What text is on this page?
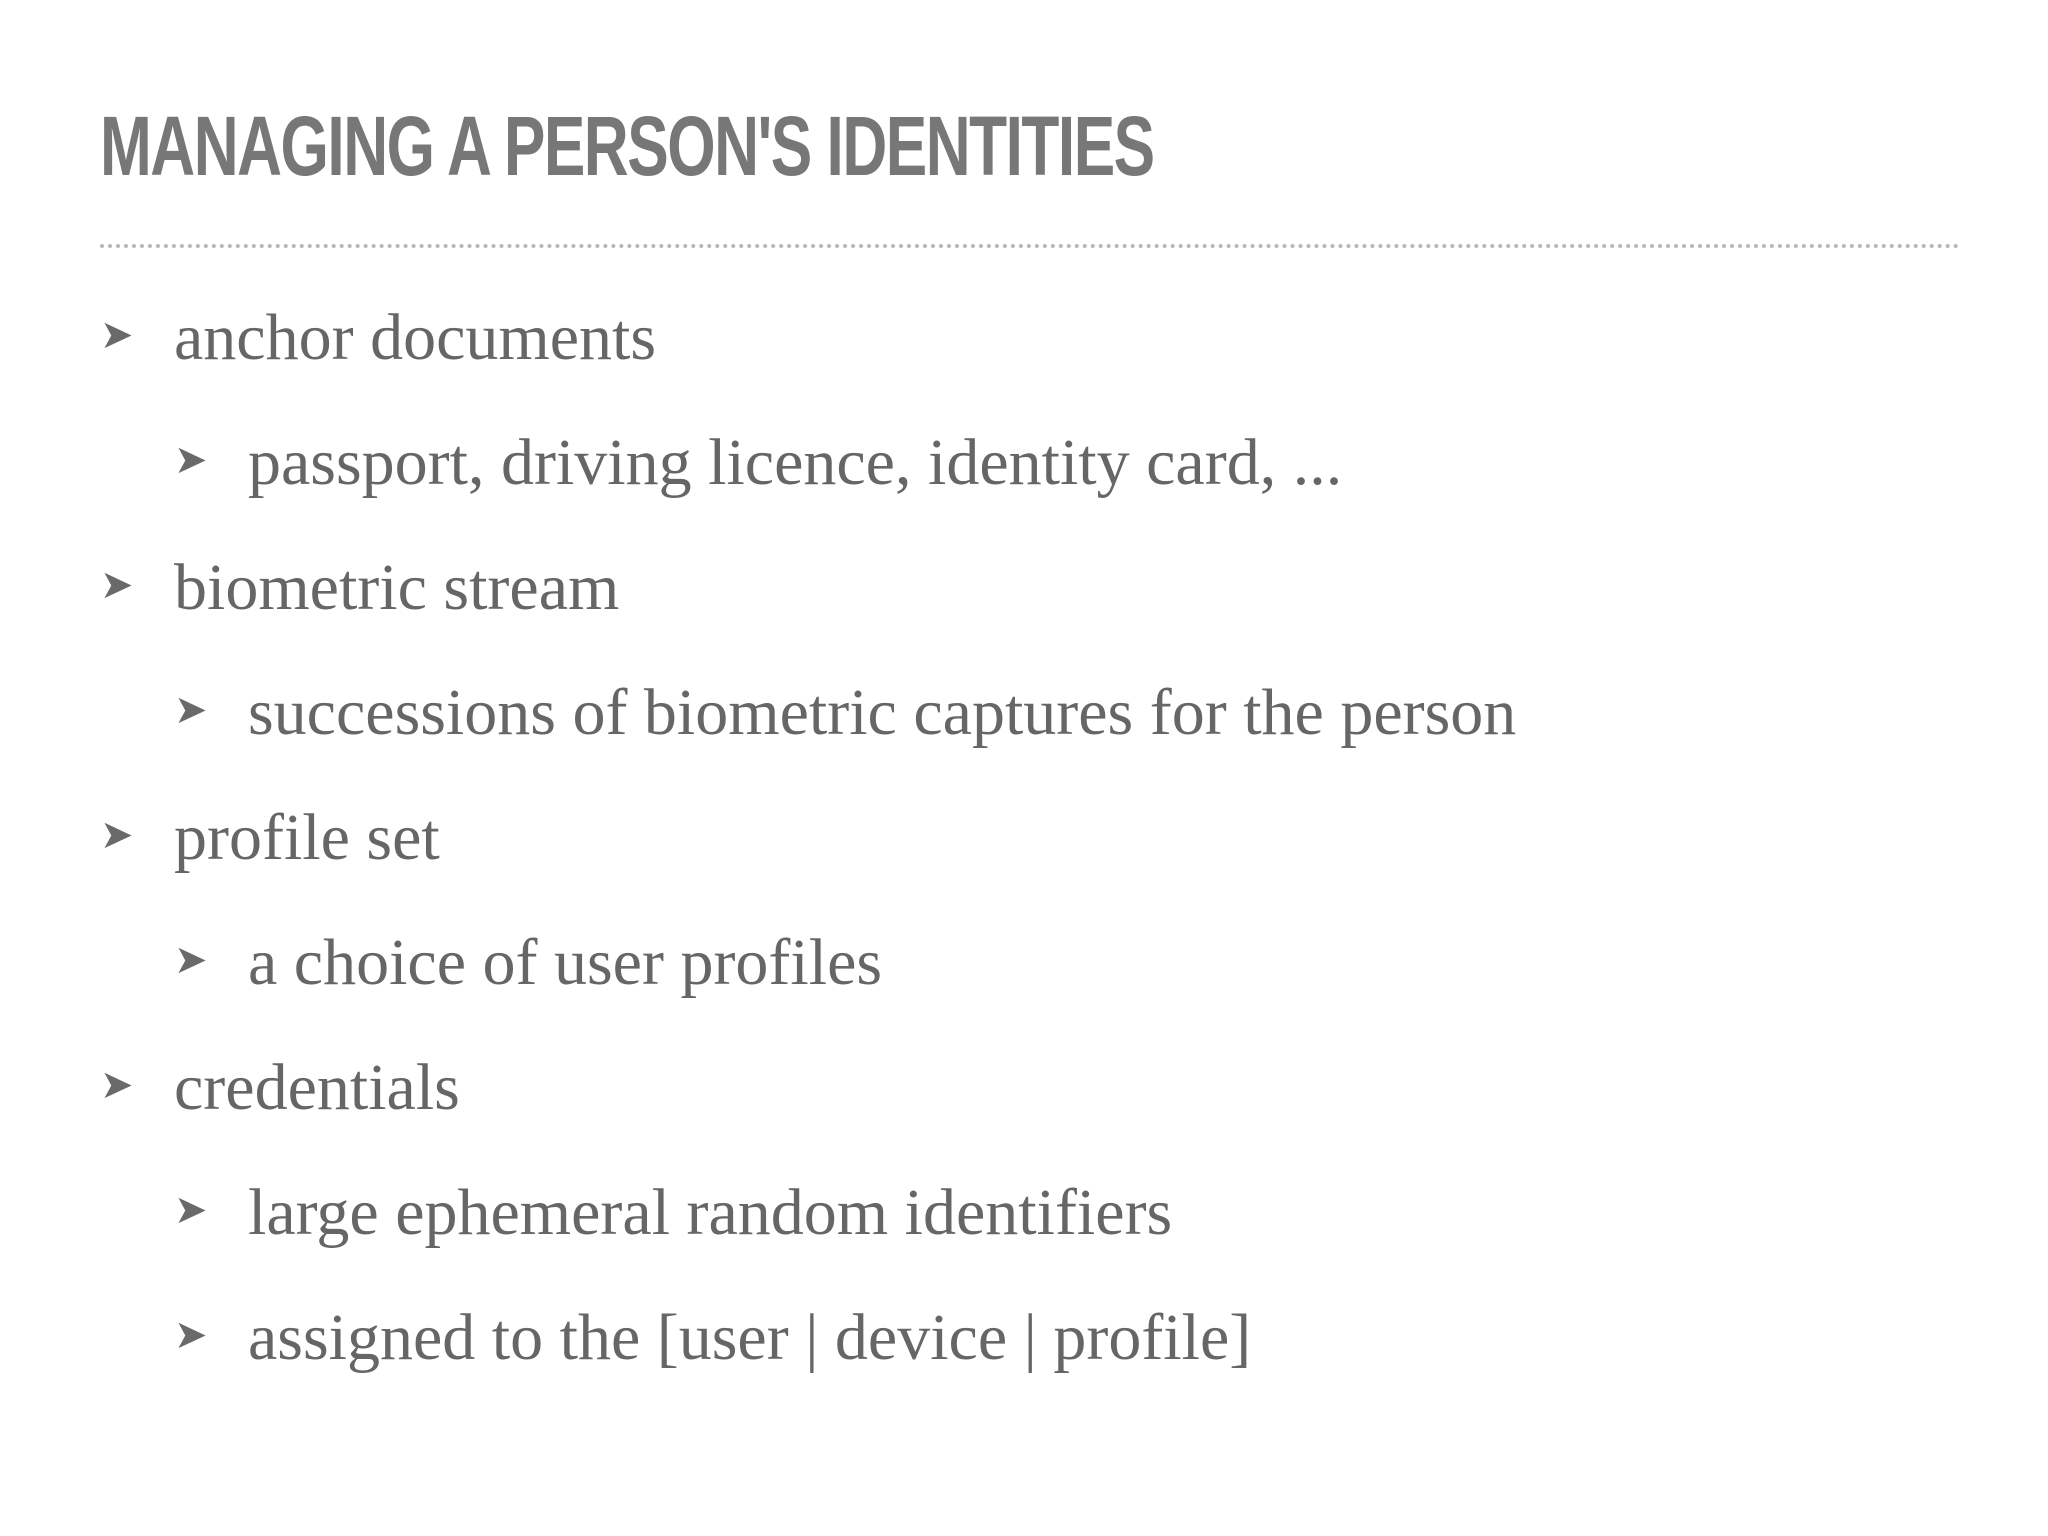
MANAGING A PERSON'S IDENTITIES
➤ anchor documents
➤ passport, driving licence, identity card, ...
➤ biometric stream
➤ successions of biometric captures for the person
➤ profile set
➤ a choice of user profiles
➤ credentials
➤ large ephemeral random identifiers
➤ assigned to the [user | device | profile]
